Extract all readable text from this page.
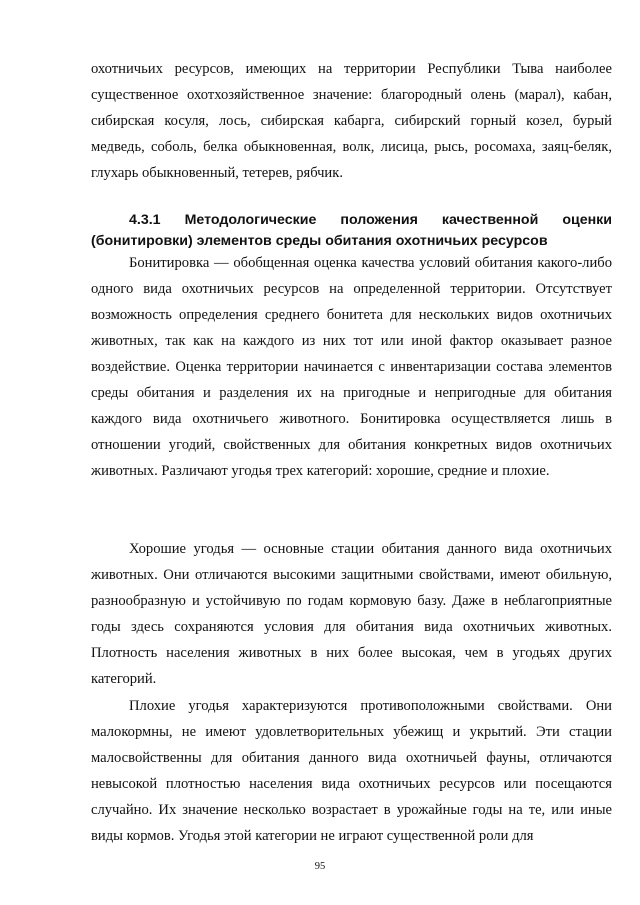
охотничьих ресурсов, имеющих на территории Республики Тыва наиболее существенное охотхозяйственное значение: благородный олень (марал), кабан, сибирская косуля, лось, сибирская кабарга, сибирский горный козел, бурый медведь, соболь, белка обыкновенная, волк, лисица, рысь, росомаха, заяц-беляк, глухарь обыкновенный, тетерев, рябчик.

4.3.1 Методологические положения качественной оценки (бонитировки) элементов среды обитания охотничьих ресурсов

Бонитировка — обобщенная оценка качества условий обитания какого-либо одного вида охотничьих ресурсов на определенной территории. Отсутствует возможность определения среднего бонитета для нескольких видов охотничьих животных, так как на каждого из них тот или иной фактор оказывает разное воздействие. Оценка территории начинается с инвентаризации состава элементов среды обитания и разделения их на пригодные и непригодные для обитания каждого вида охотничьего животного. Бонитировка осуществляется лишь в отношении угодий, свойственных для обитания конкретных видов охотничьих животных. Различают угодья трех категорий: хорошие, средние и плохие.

Хорошие угодья — основные стации обитания данного вида охотничьих животных. Они отличаются высокими защитными свойствами, имеют обильную, разнообразную и устойчивую по годам кормовую базу. Даже в неблагоприятные годы здесь сохраняются условия для обитания вида охотничьих животных. Плотность населения животных в них более высокая, чем в угодьях других категорий.

Плохие угодья характеризуются противоположными свойствами. Они малокормны, не имеют удовлетворительных убежищ и укрытий. Эти стации малосвойственны для обитания данного вида охотничьей фауны, отличаются невысокой плотностью населения вида охотничьих ресурсов или посещаются случайно. Их значение несколько возрастает в урожайные годы на те, или иные виды кормов. Угодья этой категории не играют существенной роли для

95
